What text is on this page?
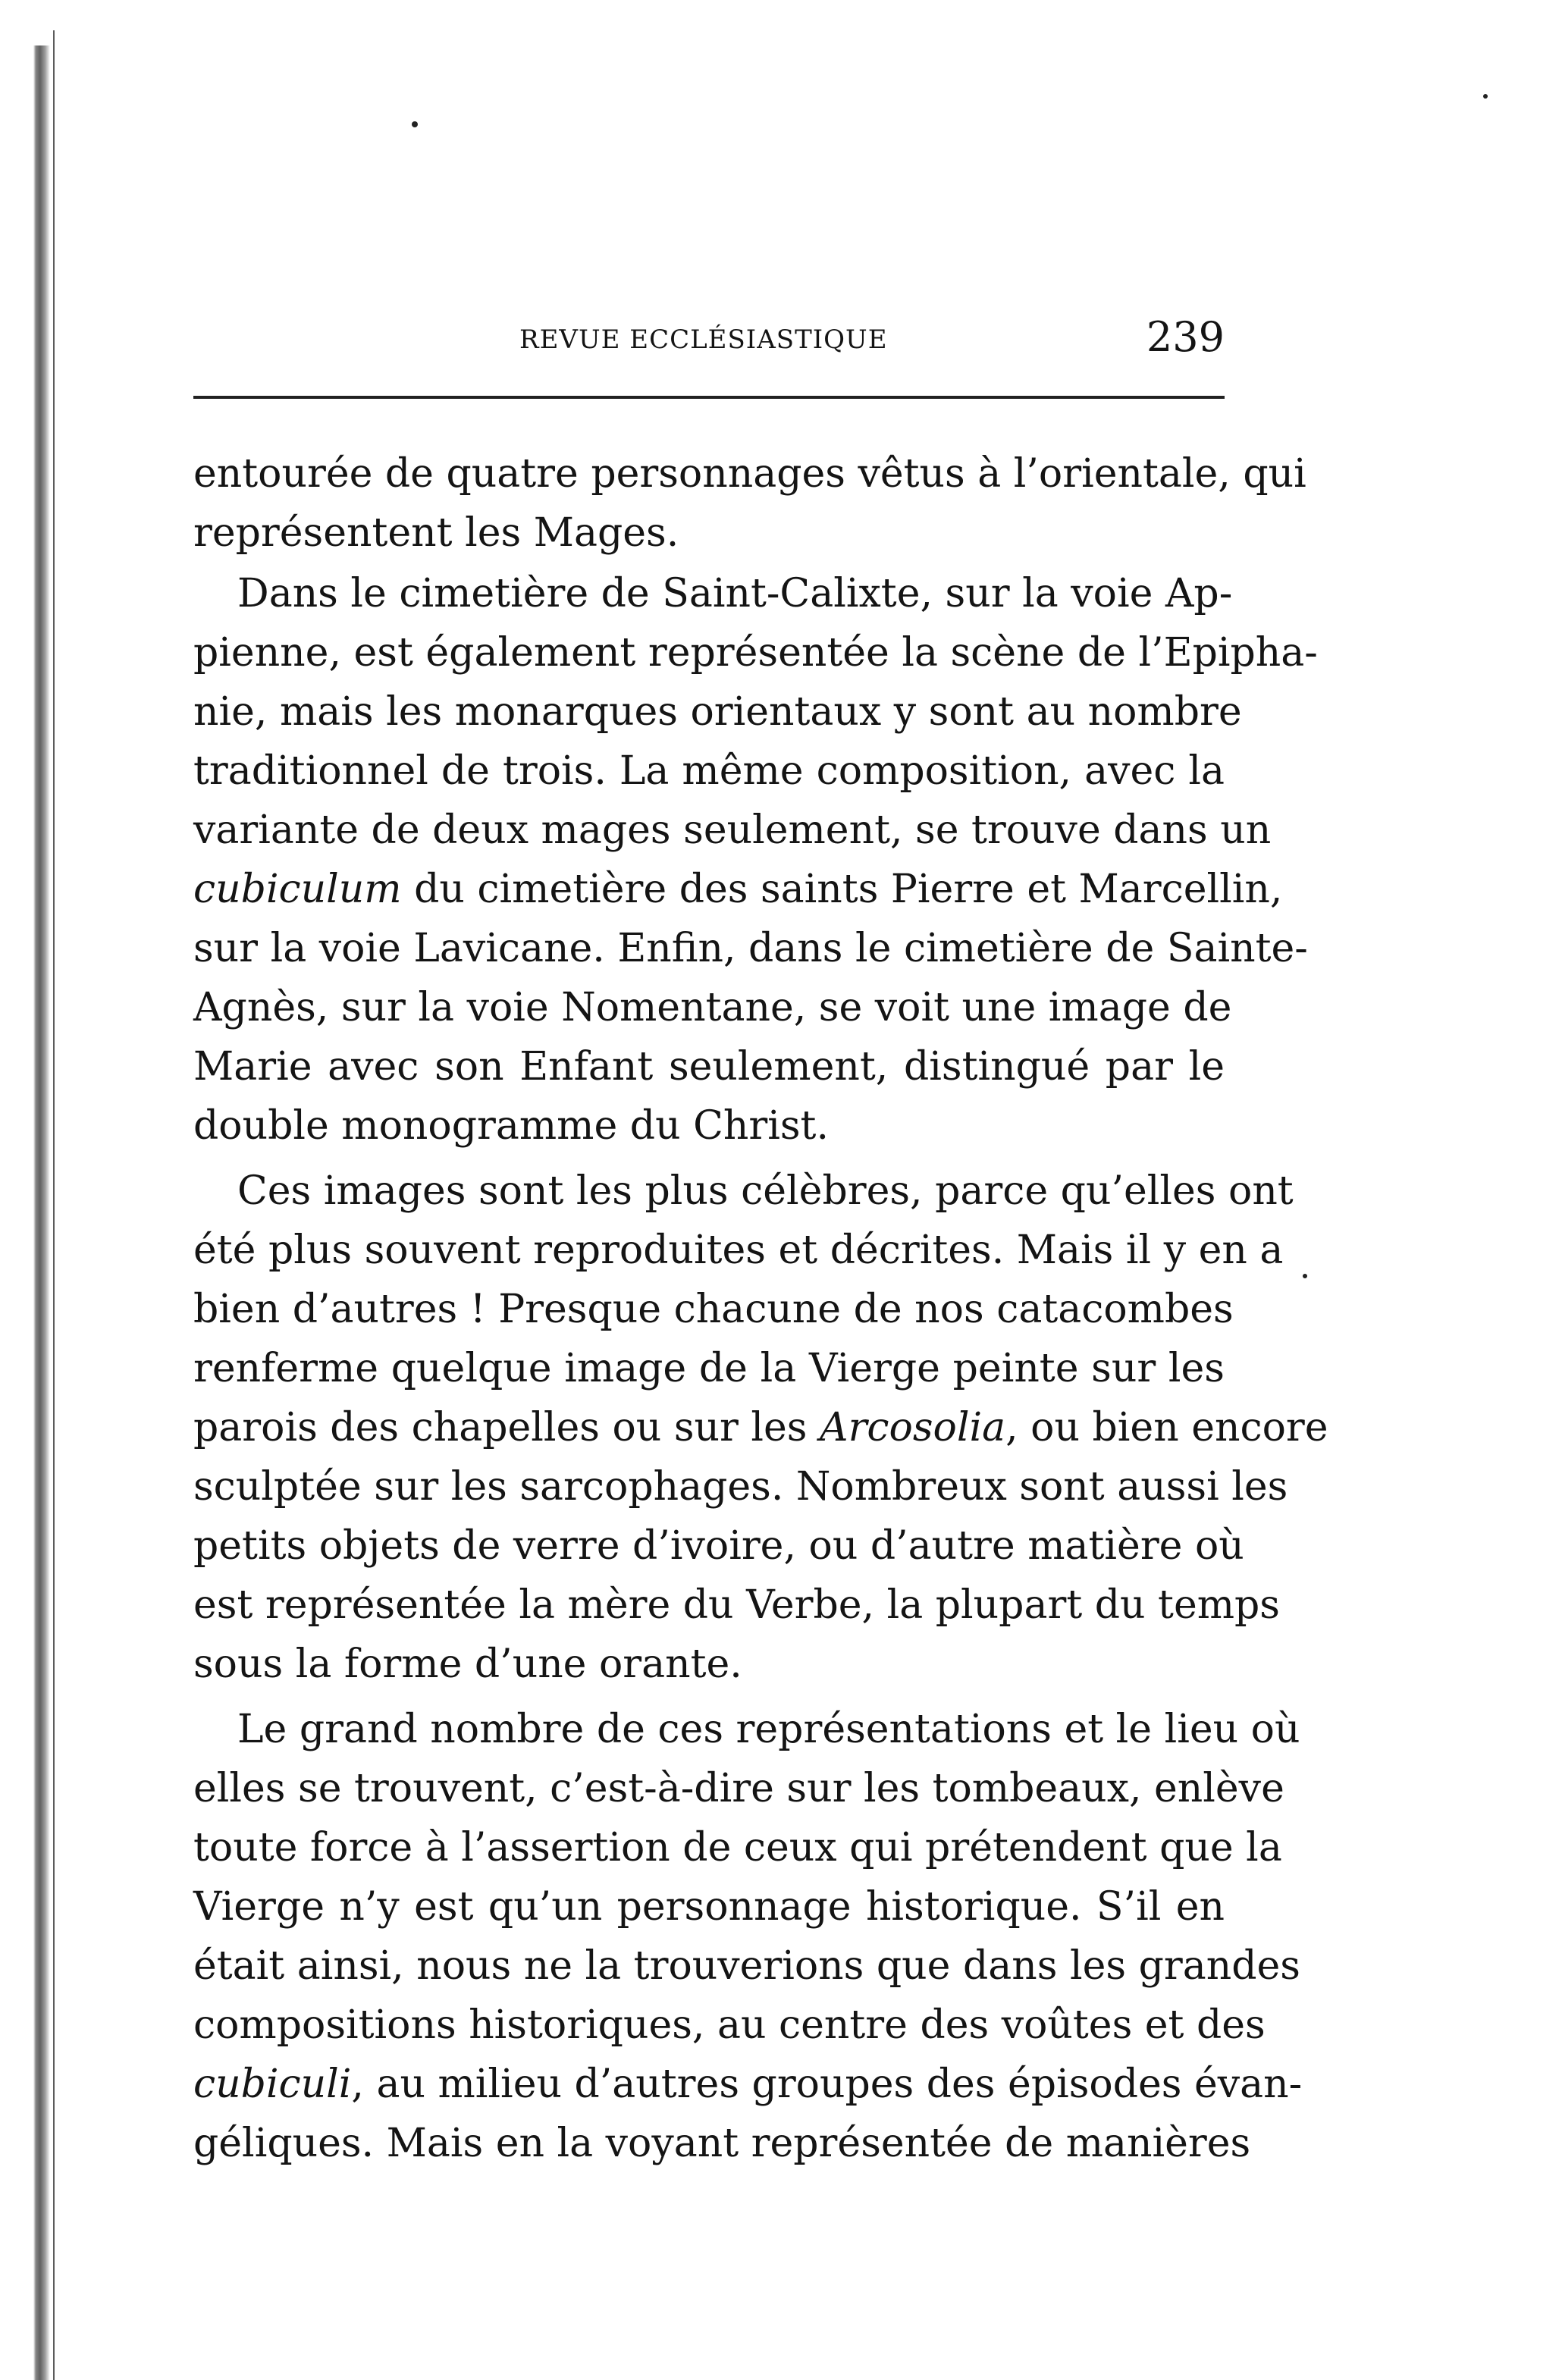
REVUE ECCLÉSIASTIQUE	239
entourée de quatre personnages vêtus à l’orientale, qui
représentent les Mages.
Dans le cimetière de Saint-Calixte, sur la voie Ap-
pienne, est également représentée la scène de l’Epipha-
nie, mais les monarques orientaux y sont au nombre
traditionnel de trois. La même composition, avec la
variante de deux mages seulement, se trouve dans un
cubiculum du cimetière des saints Pierre et Marcellin,
sur la voie Lavicane. Enfin, dans le cimetière de Sainte-
Agnès, sur la voie Nomentane, se voit une image de
Marie avec son Enfant seulement, distingué par le
double monogramme du Christ.
Ces images sont les plus célèbres, parce qu’elles ont
été plus souvent reproduites et décrites. Mais il y en a
bien d’autres ! Presque chacune de nos catacombes
renferme quelque image de la Vierge peinte sur les
parois des chapelles ou sur les Arcosolia, ou bien encore
sculptée sur les sarcophages. Nombreux sont aussi les
petits objets de verre d’ivoire, ou d’autre matière où
est représentée la mère du Verbe, la plupart du temps
sous la forme d’une orante.
Le grand nombre de ces représentations et le lieu où
elles se trouvent, c’est-à-dire sur les tombeaux, enlève
toute force à l’assertion de ceux qui prétendent que la
Vierge n’y est qu’un personnage historique. S’il en
était ainsi, nous ne la trouverions que dans les grandes
compositions historiques, au centre des voûtes et des
cubiculi, au milieu d’autres groupes des épisodes évan-
géliques. Mais en la voyant représentée de manières
